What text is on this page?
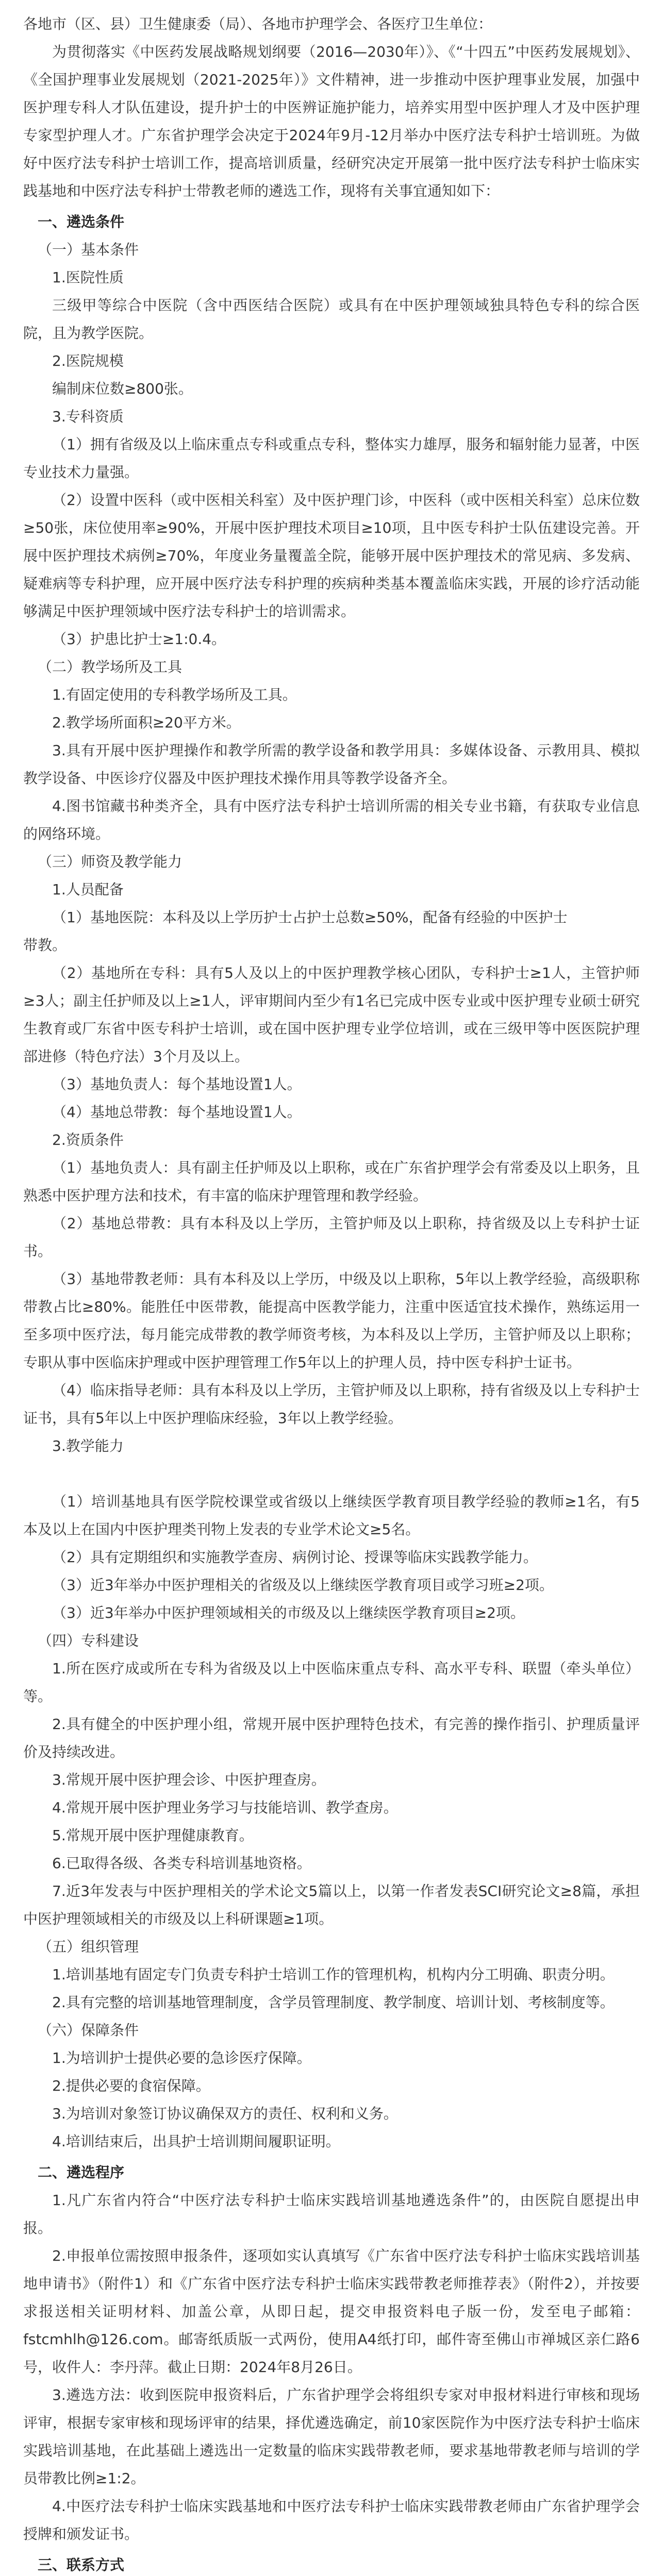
各地市（区、县）卫生健康委（局）、各地市护理学会、各医疗卫生单位：

为贯彻落实《中医药发展战略规划纲要（2016—2030年）》、《“十四五”中医药发展规划》、《全国护理事业发展规划（2021-2025年）》文件精神，进一步推动中医护理事业发展，加强中医护理专科人才队伍建设，提升护士的中医辨证施护能力，培养实用型中医护理人才及中医护理专家型护理人才。广东省护理学会决定于2024年9月-12月举办中医疗法专科护士培训班。为做好中医疗法专科护士培训工作，提高培训质量，经研究决定开展第一批中医疗法专科护士临床实践基地和中医疗法专科护士带教老师的遴选工作，现将有关事宜通知如下：

一、遴选条件

（一）基本条件

1.医院性质

三级甲等综合中医院（含中西医结合医院）或具有在中医护理领域独具特色专科的综合医院，且为教学医院。

2.医院规模

编制床位数≥800张。

3.专科资质

（1）拥有省级及以上临床重点专科或重点专科，整体实力雄厚，服务和辐射能力显著，中医专业技术力量强。

（2）设置中医科（或中医相关科室）及中医护理门诊，中医科（或中医相关科室）总床位数≥50张，床位使用率≥90%，开展中医护理技术项目≥10项，且中医专科护士队伍建设完善。开展中医护理技术病例≥70%，年度业务量覆盖全院，能够开展中医护理技术的常见病、多发病、疑难病等专科护理，应开展中医疗法专科护理的疾病种类基本覆盖临床实践，开展的诊疗活动能够满足中医护理领域中医疗法专科护士的培训需求。

（3）护患比护士≥1:0.4。

（二）教学场所及工具

1.有固定使用的专科教学场所及工具。

2.教学场所面积≥20平方米。

3.具有开展中医护理操作和教学所需的教学设备和教学用具：多媒体设备、示教用具、模拟教学设备、中医诊疗仪器及中医护理技术操作用具等教学设备齐全。

4.图书馆藏书种类齐全，具有中医疗法专科护士培训所需的相关专业书籍，有获取专业信息的网络环境。

（三）师资及教学能力

1.人员配备

（1）基地医院：本科及以上学历护士占护士总数≥50%，配备有经验的中医护士

带教。

（2）基地所在专科：具有5人及以上的中医护理教学核心团队，专科护士≥1人，主管护师≥3人；副主任护师及以上≥1人，评审期间内至少有1名已完成中医专业或中医护理专业硕士研究生教育或厂东省中医专科护士培训，或在国中医护理专业学位培训，或在三级甲等中医医院护理部进修（特色疗法）3个月及以上。

（3）基地负责人：每个基地设置1人。

（4）基地总带教：每个基地设置1人。

2.资质条件

（1）基地负责人：具有副主任护师及以上职称，或在广东省护理学会有常委及以上职务，且熟悉中医护理方法和技术，有丰富的临床护理管理和教学经验。

（2）基地总带教：具有本科及以上学历，主管护师及以上职称，持省级及以上专科护士证书。

（3）基地带教老师：具有本科及以上学历，中级及以上职称，5年以上教学经验，高级职称带教占比≥80%。能胜任中医带教，能提高中医教学能力，注重中医适宜技术操作，熟练运用一至多项中医疗法，每月能完成带教的教学师资考核，为本科及以上学历，主管护师及以上职称；专职从事中医临床护理或中医护理管理工作5年以上的护理人员，持中医专科护士证书。

（4）临床指导老师：具有本科及以上学历，主管护师及以上职称，持有省级及以上专科护士证书，具有5年以上中医护理临床经验，3年以上教学经验。

3.教学能力

（1）培训基地具有医学院校课堂或省级以上继续医学教育项目教学经验的教师≥1名，有5本及以上在国内中医护理类刊物上发表的专业学术论文≥5名。

（2）具有定期组织和实施教学查房、病例讨论、授课等临床实践教学能力。

（3）近3年举办中医护理相关的省级及以上继续医学教育项目或学习班≥2项。

（3）近3年举办中医护理领域相关的市级及以上继续医学教育项目≥2项。

（四）专科建设

1.所在医疗成或所在专科为省级及以上中医临床重点专科、高水平专科、联盟（牵头单位）等。

2.具有健全的中医护理小组，常规开展中医护理特色技术，有完善的操作指引、护理质量评价及持续改进。

3.常规开展中医护理会诊、中医护理查房。

4.常规开展中医护理业务学习与技能培训、教学查房。

5.常规开展中医护理健康教育。

6.已取得各级、各类专科培训基地资格。

7.近3年发表与中医护理相关的学术论文5篇以上，以第一作者发表SCI研究论文≥8篇，承担中医护理领域相关的市级及以上科研课题≥1项。

（五）组织管理

1.培训基地有固定专门负责专科护士培训工作的管理机构，机构内分工明确、职责分明。

2.具有完整的培训基地管理制度，含学员管理制度、教学制度、培训计划、考核制度等。

（六）保障条件

1.为培训护士提供必要的急诊医疗保障。

2.提供必要的食宿保障。

3.为培训对象签订协议确保双方的责任、权利和义务。

4.培训结束后，出具护士培训期间履职证明。

二、遴选程序

1.凡广东省内符合“中医疗法专科护士临床实践培训基地遴选条件”的，由医院自愿提出申报。

2.申报单位需按照申报条件，逐项如实认真填写《广东省中医疗法专科护士临床实践培训基地申请书》（附件1）和《广东省中医疗法专科护士临床实践带教老师推荐表》（附件2），并按要求报送相关证明材料、加盖公章，从即日起，提交申报资料电子版一份，发至电子邮箱：fstcmhlh@126.com。邮寄纸质版一式两份，使用A4纸打印，邮件寄至佛山市禅城区亲仁路6号，收件人：李丹萍。截止日期：2024年8月26日。

3.遴选方法：收到医院申报资料后，广东省护理学会将组织专家对申报材料进行审核和现场评审，根据专家审核和现场评审的结果，择优遴选确定，前10家医院作为中医疗法专科护士临床实践培训基地，在此基础上遴选出一定数量的临床实践带教老师，要求基地带教老师与培训的学员带教比例≥1:2。

4.中医疗法专科护士临床实践基地和中医疗法专科护士临床实践带教老师由广东省护理学会授牌和颁发证书。

三、联系方式
